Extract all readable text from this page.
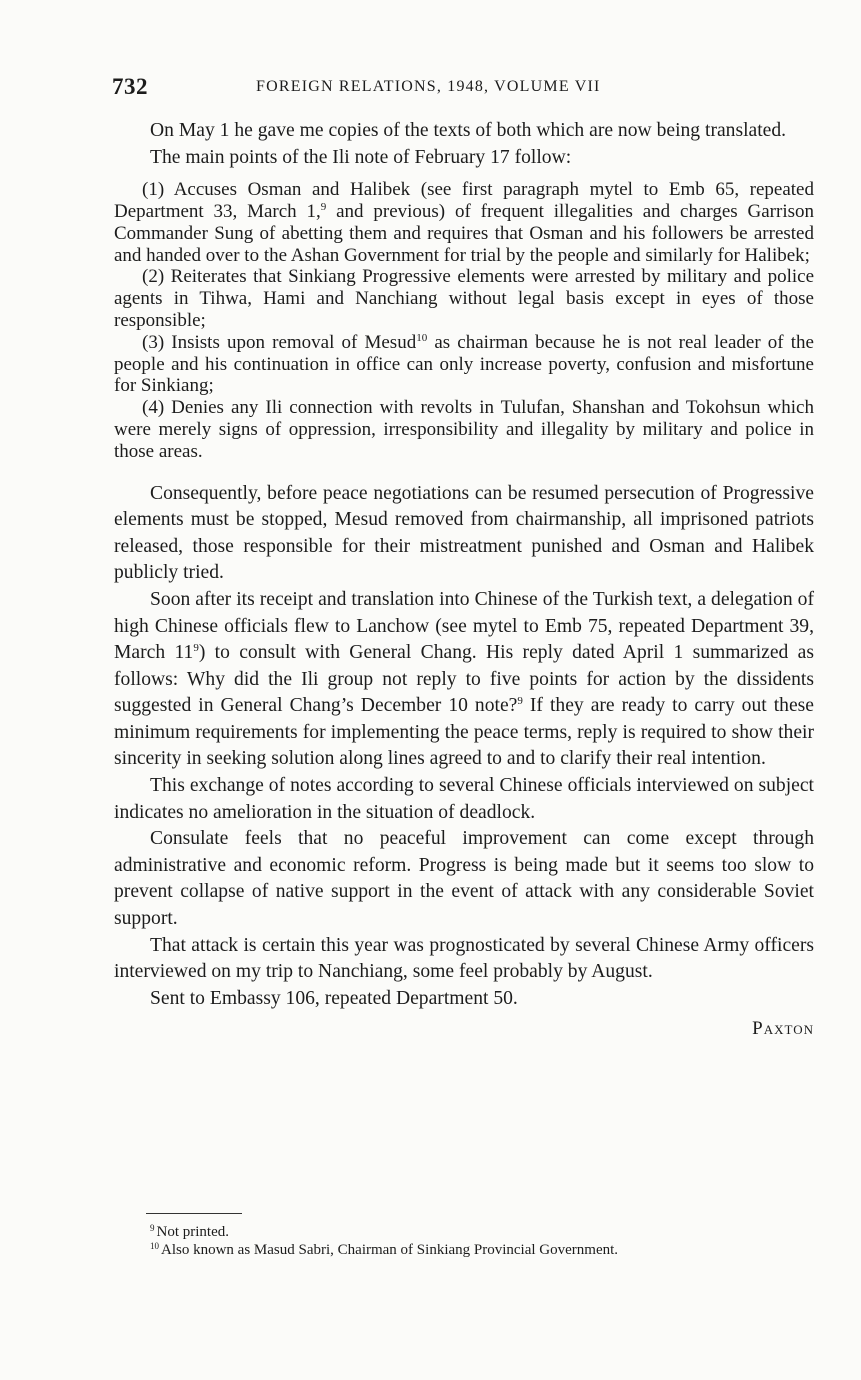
732	FOREIGN RELATIONS, 1948, VOLUME VII

On May 1 he gave me copies of the texts of both which are now being translated.

The main points of the Ili note of February 17 follow:

(1) Accuses Osman and Halibek (see first paragraph mytel to Emb 65, repeated Department 33, March 1,$^9$ and previous) of frequent illegalities and charges Garrison Commander Sung of abetting them and requires that Osman and his followers be arrested and handed over to the Ashan Government for trial by the people and similarly for Halibek;
(2) Reiterates that Sinkiang Progressive elements were arrested by military and police agents in Tihwa, Hami and Nanchiang without legal basis except in eyes of those responsible;
(3) Insists upon removal of Mesud$^{10}$ as chairman because he is not real leader of the people and his continuation in office can only increase poverty, confusion and misfortune for Sinkiang;
(4) Denies any Ili connection with revolts in Tulufan, Shanshan and Tokohsun which were merely signs of oppression, irresponsibility and illegality by military and police in those areas.

Consequently, before peace negotiations can be resumed persecution of Progressive elements must be stopped, Mesud removed from chairmanship, all imprisoned patriots released, those responsible for their mistreatment punished and Osman and Halibek publicly tried.

Soon after its receipt and translation into Chinese of the Turkish text, a delegation of high Chinese officials flew to Lanchow (see mytel to Emb 75, repeated Department 39, March $11^9$) to consult with General Chang. His reply dated April 1 summarized as follows: Why did the Ili group not reply to five points for action by the dissidents suggested in General Chang’s December 10 note?$^9$ If they are ready to carry out these minimum requirements for implementing the peace terms, reply is required to show their sincerity in seeking solution along lines agreed to and to clarify their real intention.

This exchange of notes according to several Chinese officials interviewed on subject indicates no amelioration in the situation of deadlock.

Consulate feels that no peaceful improvement can come except through administrative and economic reform. Progress is being made but it seems too slow to prevent collapse of native support in the event of attack with any considerable Soviet support.

That attack is certain this year was prognosticated by several Chinese Army officers interviewed on my trip to Nanchiang, some feel probably by August.

Sent to Embassy 106, repeated Department 50.

Paxton

$^9$ Not printed.

$^{10}$ Also known as Masud Sabri, Chairman of Sinkiang Provincial Government.
